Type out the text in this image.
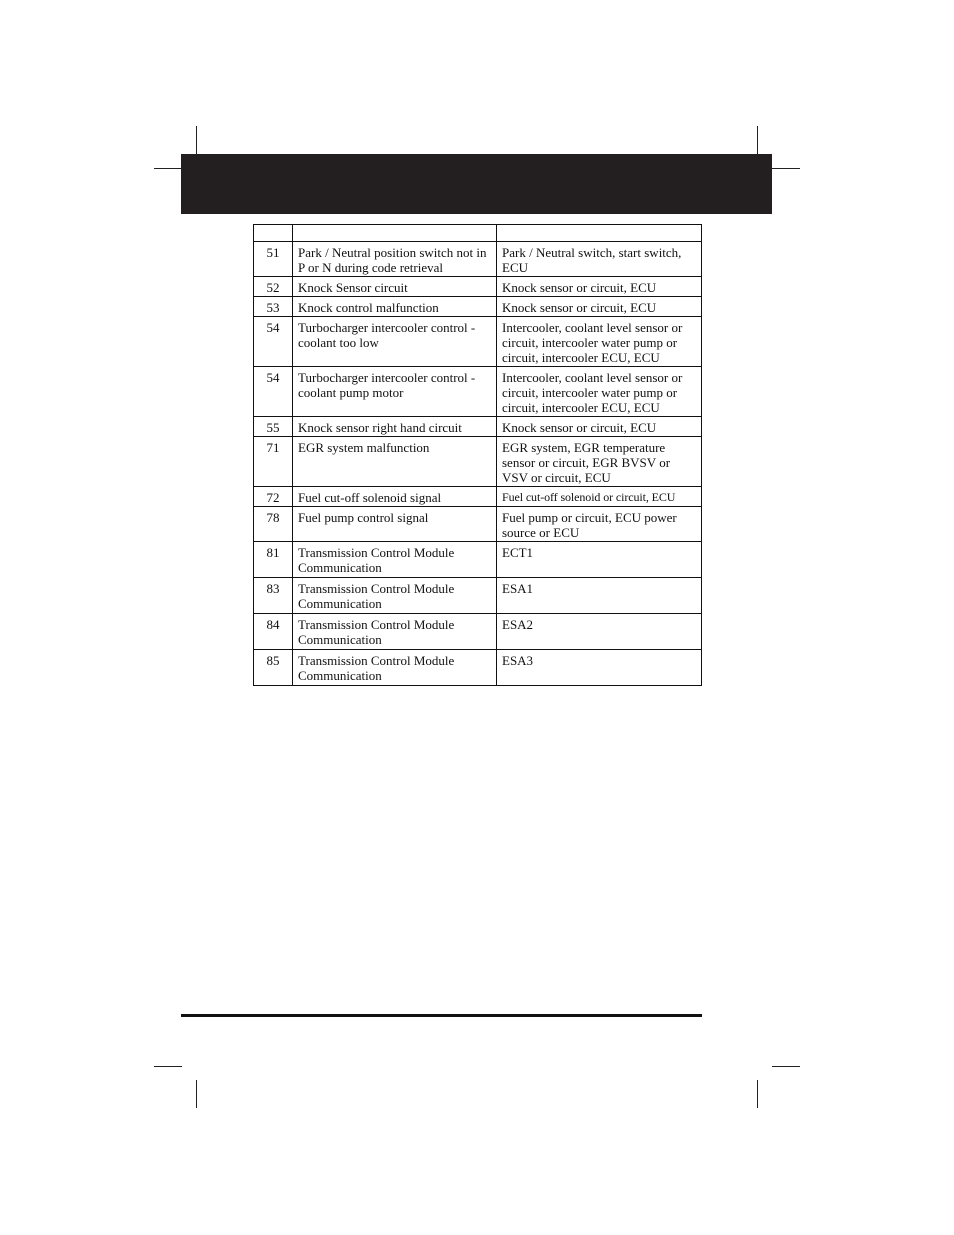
51	Park / Neutral position switch not in P or N during code retrieval	Park / Neutral switch, start switch, ECU
52	Knock Sensor circuit	Knock sensor or circuit, ECU
53	Knock control malfunction	Knock sensor or circuit, ECU
54	Turbocharger intercooler control - coolant too low	Intercooler, coolant level sensor or circuit, intercooler water pump or circuit, intercooler ECU, ECU
54	Turbocharger intercooler control - coolant pump motor	Intercooler, coolant level sensor or circuit, intercooler water pump or circuit, intercooler ECU, ECU
55	Knock sensor right hand circuit	Knock sensor or circuit, ECU
71	EGR system malfunction	EGR system, EGR temperature sensor or circuit, EGR BVSV or VSV or circuit, ECU
72	Fuel cut-off solenoid signal	Fuel cut-off solenoid or circuit, ECU
78	Fuel pump control signal	Fuel pump or circuit, ECU power source or ECU
81	Transmission Control Module Communication	ECT1
83	Transmission Control Module Communication	ESA1
84	Transmission Control Module Communication	ESA2
85	Transmission Control Module Communication	ESA3
